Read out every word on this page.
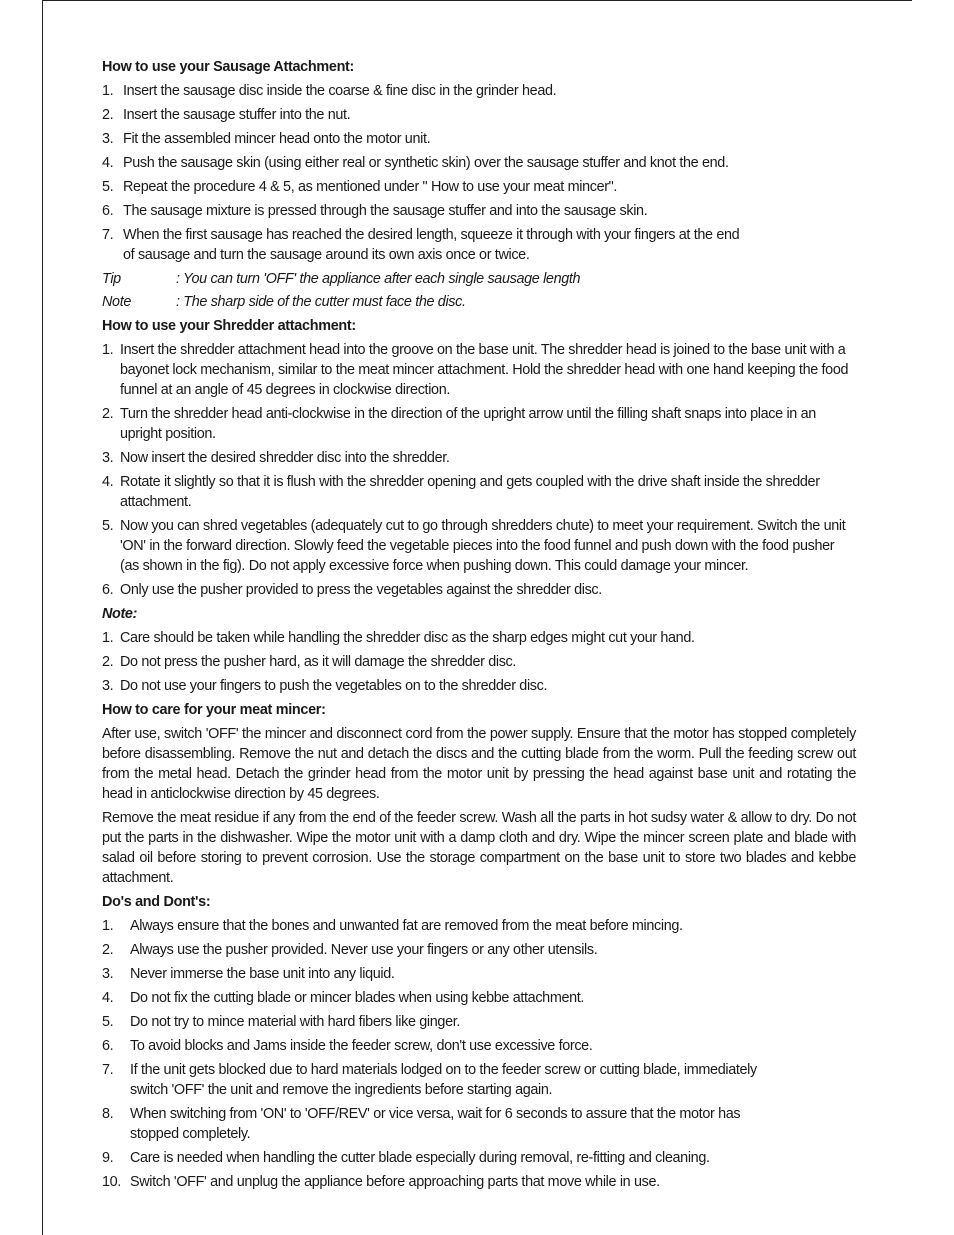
How to use your Sausage Attachment:
1. Insert the sausage disc inside the coarse & fine disc in the grinder head.
2. Insert the sausage stuffer into the nut.
3. Fit the assembled mincer head onto the motor unit.
4. Push the sausage skin (using either real or synthetic skin) over the sausage stuffer and knot the end.
5. Repeat the procedure 4 & 5, as mentioned under " How to use your meat mincer".
6. The sausage mixture is pressed through the sausage stuffer and into the sausage skin.
7. When the first sausage has reached the desired length, squeeze it through with your fingers at the end of sausage and turn the sausage around its own axis once or twice.
Tip	: You can turn 'OFF' the appliance after each single sausage length
Note	: The sharp side of the cutter must face the disc.
How to use your Shredder attachment:
1. Insert the shredder attachment head into the groove on the base unit. The shredder head is joined to the base unit with a bayonet lock mechanism, similar to the meat mincer attachment. Hold the shredder head with one hand keeping the food funnel at an angle of 45 degrees in clockwise direction.
2. Turn the shredder head anti-clockwise in the direction of the upright arrow until the filling shaft snaps into place in an upright position.
3. Now insert the desired shredder disc into the shredder.
4. Rotate it slightly so that it is flush with the shredder opening and gets coupled with the drive shaft inside the shredder attachment.
5. Now you can shred vegetables (adequately cut to go through shredders chute) to meet your requirement. Switch the unit 'ON' in the forward direction. Slowly feed the vegetable pieces into the food funnel and push down with the food pusher (as shown in the fig). Do not apply excessive force when pushing down. This could damage your mincer.
6. Only use the pusher provided to press the vegetables against the shredder disc.
Note:
1. Care should be taken while handling the shredder disc as the sharp edges might cut your hand.
2. Do not press the pusher hard, as it will damage the shredder disc.
3. Do not use your fingers to push the vegetables on to the shredder disc.
How to care for your meat mincer:

After use, switch 'OFF' the mincer and disconnect cord from the power supply. Ensure that the motor has stopped completely before disassembling. Remove the nut and detach the discs and the cutting blade from the worm. Pull the feeding screw out from the metal head. Detach the grinder head from the motor unit by pressing the head against base unit and rotating the head in anticlockwise direction by 45 degrees.

Remove the meat residue if any from the end of the feeder screw. Wash all the parts in hot sudsy water & allow to dry. Do not put the parts in the dishwasher. Wipe the motor unit with a damp cloth and dry. Wipe the mincer screen plate and blade with salad oil before storing to prevent corrosion. Use the storage compartment on the base unit to store two blades and kebbe attachment.

Do's and Dont's:
1. Always ensure that the bones and unwanted fat are removed from the meat before mincing.
2. Always use the pusher provided. Never use your fingers or any other utensils.
3. Never immerse the base unit into any liquid.
4. Do not fix the cutting blade or mincer blades when using kebbe attachment.
5. Do not try to mince material with hard fibers like ginger.
6. To avoid blocks and Jams inside the feeder screw, don't use excessive force.
7. If the unit gets blocked due to hard materials lodged on to the feeder screw or cutting blade, immediately switch 'OFF' the unit and remove the ingredients before starting again.
8. When switching from 'ON' to 'OFF/REV' or vice versa, wait for 6 seconds to assure that the motor has stopped completely.
9. Care is needed when handling the cutter blade especially during removal, re-fitting and cleaning.
10. Switch 'OFF' and unplug the appliance before approaching parts that move while in use.
